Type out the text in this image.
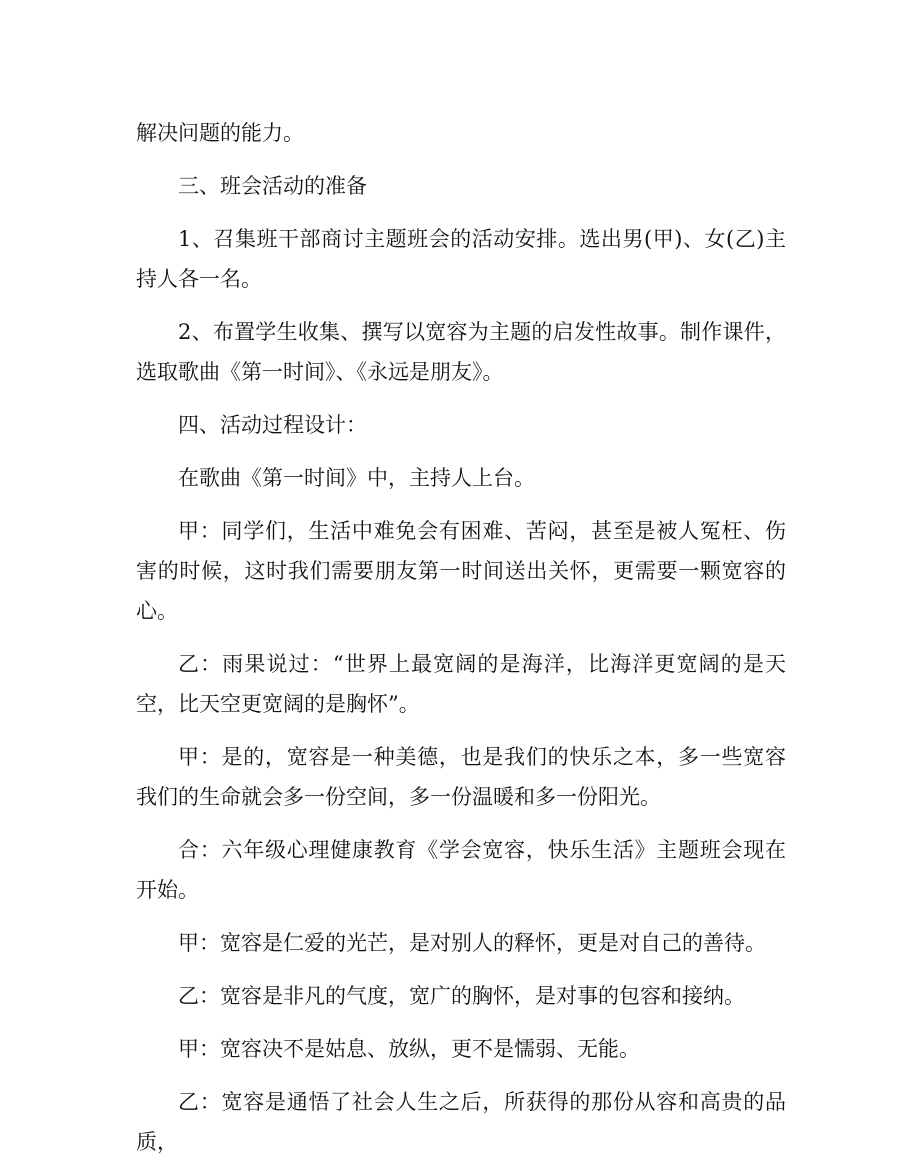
解决问题的能力。

三、班会活动的准备

1、召集班干部商讨主题班会的活动安排。选出男(甲)、女(乙)主持人各一名。

2、布置学生收集、撰写以宽容为主题的启发性故事。制作课件，选取歌曲《第一时间》、《永远是朋友》。

四、活动过程设计：

在歌曲《第一时间》中，主持人上台。

甲：同学们，生活中难免会有困难、苦闷，甚至是被人冤枉、伤害的时候，这时我们需要朋友第一时间送出关怀，更需要一颗宽容的心。

乙：雨果说过：“世界上最宽阔的是海洋，比海洋更宽阔的是天空，比天空更宽阔的是胸怀”。

甲：是的，宽容是一种美德，也是我们的快乐之本，多一些宽容我们的生命就会多一份空间，多一份温暖和多一份阳光。

合：六年级心理健康教育《学会宽容，快乐生活》主题班会现在开始。

甲：宽容是仁爱的光芒，是对别人的释怀，更是对自己的善待。

乙：宽容是非凡的气度，宽广的胸怀，是对事的包容和接纳。

甲：宽容决不是姑息、放纵，更不是懦弱、无能。

乙：宽容是通悟了社会人生之后，所获得的那份从容和高贵的品质，
